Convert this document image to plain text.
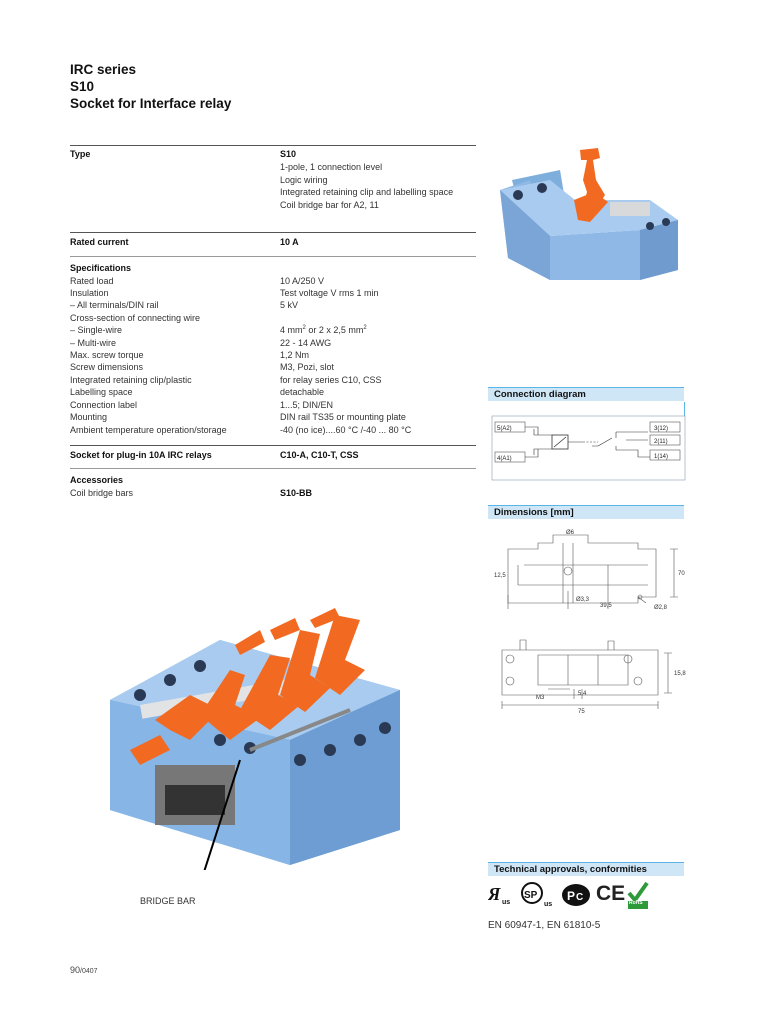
IRC series
S10
Socket for Interface relay
Type	S10
1-pole, 1 connection level
Logic wiring
Integrated retaining clip and labelling space
Coil bridge bar for A2, 11
Rated current	10 A
Specifications
Rated load	10 A/250 V
Insulation	Test voltage V rms 1 min
– All terminals/DIN rail	5 kV
Cross-section of connecting wire
– Single-wire	4 $mm^2$ or 2 x 2,5 $mm^2$
– Multi-wire	22 - 14 AWG
Max. screw torque	1,2 Nm
Screw dimensions	M3, Pozi, slot
Integrated retaining clip/plastic	for relay series C10, CSS
Labelling space	detachable
Connection label	1...5; DIN/EN
Mounting	DIN rail TS35 or mounting plate
Ambient temperature operation/storage	-40 (no ice)....60 °C /-40 ... 80 °C
Socket for plug-in 10A IRC relays	C10-A, C10-T, CSS
Accessories
Coil bridge bars	S10-BB
Connection diagram
5(A2)
4(A1)
3(12)
2(11)
1(14)
Dimensions [mm]
Ø6
Ø3,3
39,5	Ø2,8
12,5	70
M3
5,4
75
15,8
BRIDGE BAR
Technical approvals, conformities
Я us
SP
us
P C CE RoHS
EN 60947-1, EN 61810-5
90/0407
